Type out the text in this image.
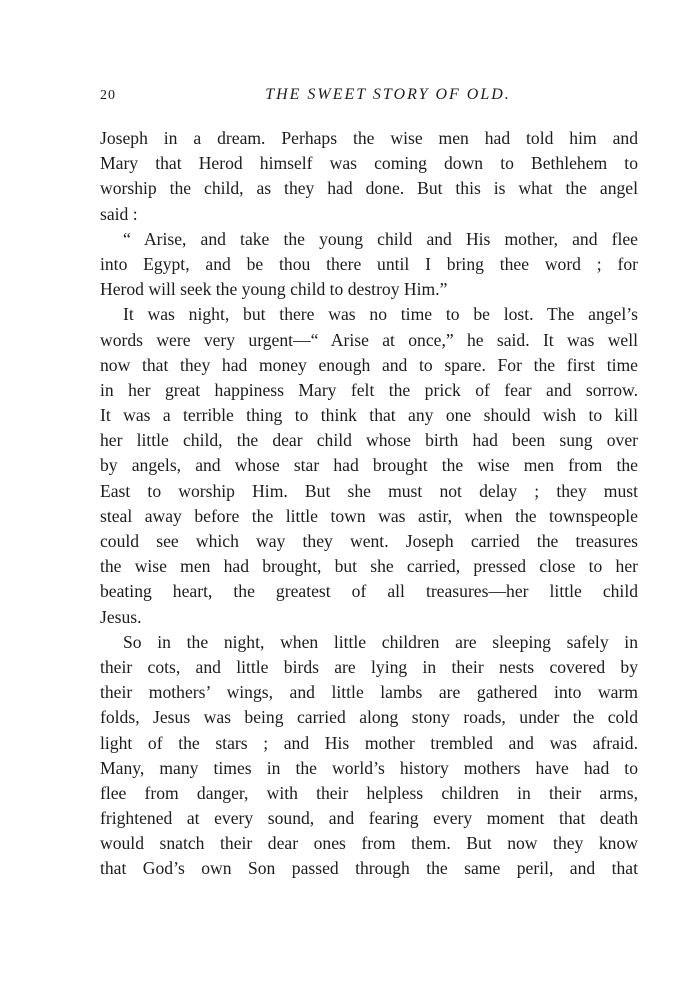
20	THE SWEET STORY OF OLD.
Joseph in a dream. Perhaps the wise men had told him and
Mary that Herod himself was coming down to Bethlehem to
worship the child, as they had done. But this is what the angel
said :
“ Arise, and take the young child and His mother, and flee
into Egypt, and be thou there until I bring thee word ; for
Herod will seek the young child to destroy Him.”
It was night, but there was no time to be lost. The angel’s
words were very urgent—“ Arise at once,” he said. It was well
now that they had money enough and to spare. For the first time
in her great happiness Mary felt the prick of fear and sorrow.
It was a terrible thing to think that any one should wish to kill
her little child, the dear child whose birth had been sung over
by angels, and whose star had brought the wise men from the
East to worship Him. But she must not delay ; they must
steal away before the little town was astir, when the townspeople
could see which way they went. Joseph carried the treasures
the wise men had brought, but she carried, pressed close to her
beating heart, the greatest of all treasures—her little child
Jesus.
So in the night, when little children are sleeping safely in
their cots, and little birds are lying in their nests covered by
their mothers’ wings, and little lambs are gathered into warm
folds, Jesus was being carried along stony roads, under the cold
light of the stars ; and His mother trembled and was afraid.
Many, many times in the world’s history mothers have had to
flee from danger, with their helpless children in their arms,
frightened at every sound, and fearing every moment that death
would snatch their dear ones from them. But now they know
that God’s own Son passed through the same peril, and that
